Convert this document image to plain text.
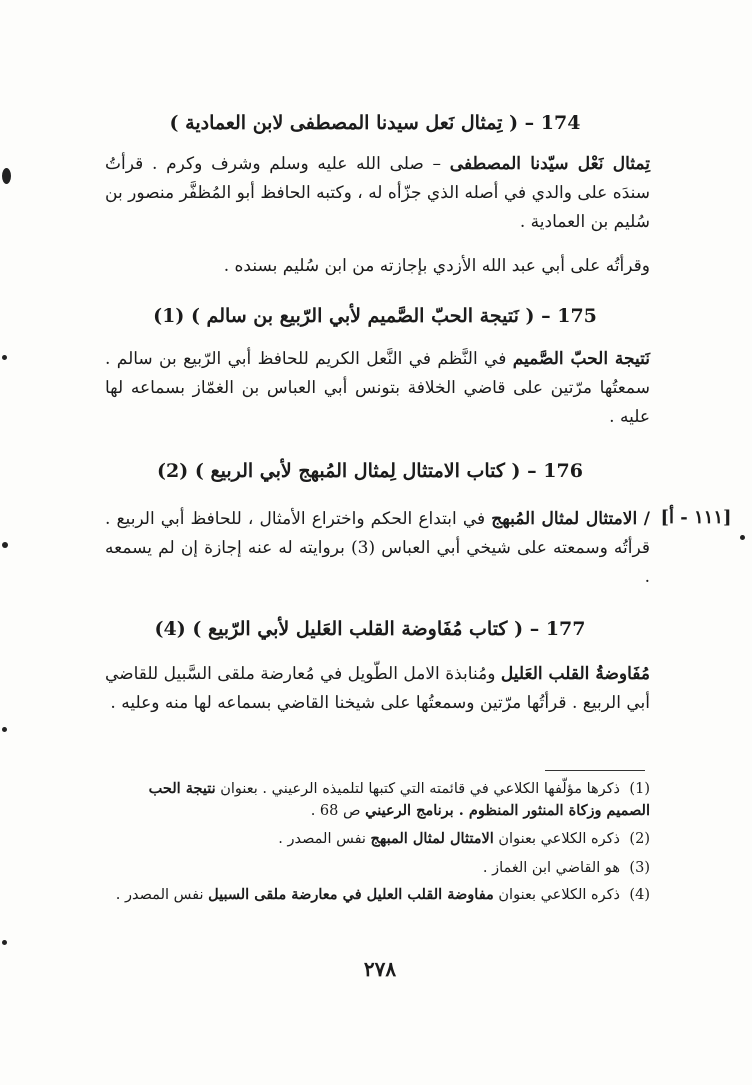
174 – ( تِمثال نَعل سيدنا المصطفى لابن العمادية )
تِمثال نَعْل سيّدنا المصطفى – صلى الله عليه وسلم وشرف وكرم . قرأتُ سندَه على والدي في أصله الذي جزّأه له ، وكتبه الحافظ أبو المُظفَّر منصور بن سُليم بن العمادية .
وقرأتُه على أبي عبد الله الأزدي بإجازته من ابن سُليم بسنده .
175 – ( نَتيجة الحبّ الصَّميم لأبي الرّبيع بن سالم ) (1)
نَتيجة الحبّ الصَّميم في النَّظم في النَّعل الكريم للحافظ أبي الرّبيع بن سالم . سمعتُها مرّتين على قاضي الخلافة بتونس أبي العباس بن الغمّاز بسماعه لها عليه .
176 – ( كتاب الامتثال لِمثال المُبهج لأبي الربيع ) (2)
[١١١ - أ]
/ الامتثال لمثال المُبهج في ابتداع الحكم واختراع الأمثال ، للحافظ أبي الربيع . قرأتُه وسمعته على شيخي أبي العباس (3) بروايته له عنه إجازة إن لم يسمعه .
177 – ( كتاب مُفَاوضة القلب العَليل لأبي الرّبيع ) (4)
مُفَاوضةُ القلب العَليل ومُنابذة الامل الطّويل في مُعارضة ملقى السَّبيل للقاضي أبي الربيع . قرأتُها مرّتين وسمعتُها على شيخنا القاضي بسماعه لها منه وعليه .
(1)ذكرها مؤلّفها الكلاعي في قائمته التي كتبها لتلميذه الرعيني . بعنوان نتيجة الحب الصميم وزكاة المنثور المنظوم . برنامج الرعيني ص 68 .
(2)ذكره الكلاعي بعنوان الامتثال لمثال المبهج نفس المصدر .
(3)هو القاضي ابن الغماز .
(4)ذكره الكلاعي بعنوان مفاوضة القلب العليل في معارضة ملقى السبيل نفس المصدر .
٢٧٨
